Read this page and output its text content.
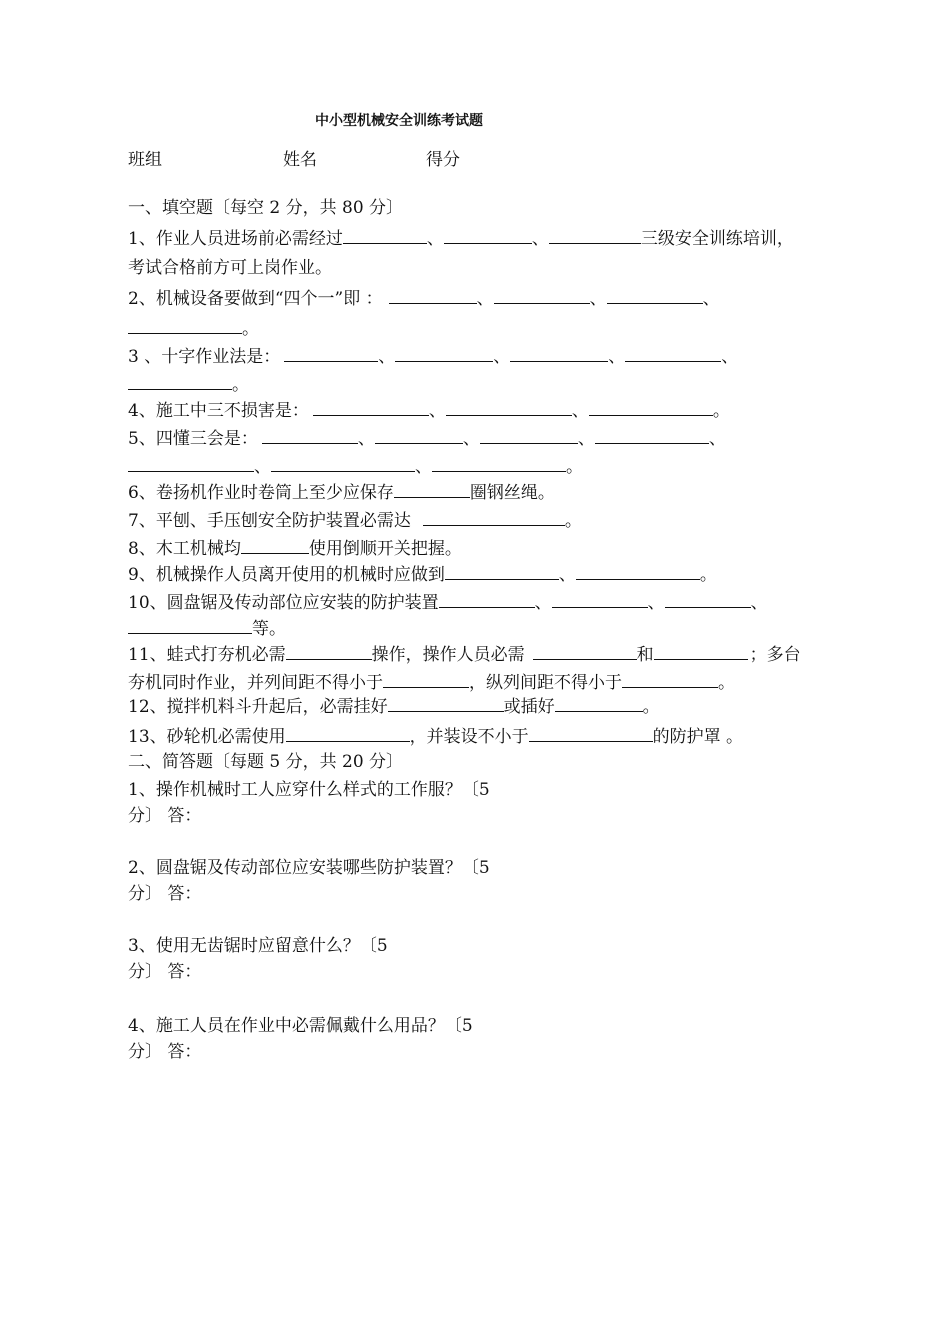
中小型机械安全训练考试题
班组	姓名	得分
一、填空题〔每空 2 分，共 80 分〕
1、作业人员进场前必需经过	、	、	三级安全训练培训，
考试合格前方可上岗作业。
2、机械设备要做到“四个一”即 ：	、	、	、
。
3 、十字作业法是：	、	、	、	、
。
4、施工中三不损害是：	、	、	。
5、四懂三会是：	、	、	、	、
、	、	。
6、卷扬机作业时卷筒上至少应保存	圈钢丝绳。
7、平刨、手压刨安全防护装置必需达	。
8、木工机械均	使用倒顺开关把握。
9、机械操作人员离开使用的机械时应做到	、	。
10、圆盘锯及传动部位应安装的防护装置	、	、	、
等。
11、蛙式打夯机必需	操作，操作人员必需	和	；多台
夯机同时作业，并列间距不得小于	，纵列间距不得小于	。
12、搅拌机料斗升起后，必需挂好	或插好	。
13、砂轮机必需使用	，并装设不小于	的防护罩 。
二、简答题〔每题 5 分，共 20 分〕
1、操作机械时工人应穿什么样式的工作服？〔5
分〕 答：
2、圆盘锯及传动部位应安装哪些防护装置？〔5
分〕 答：
3、使用无齿锯时应留意什么？〔5
分〕 答：
4、施工人员在作业中必需佩戴什么用品？〔5
分〕 答：
